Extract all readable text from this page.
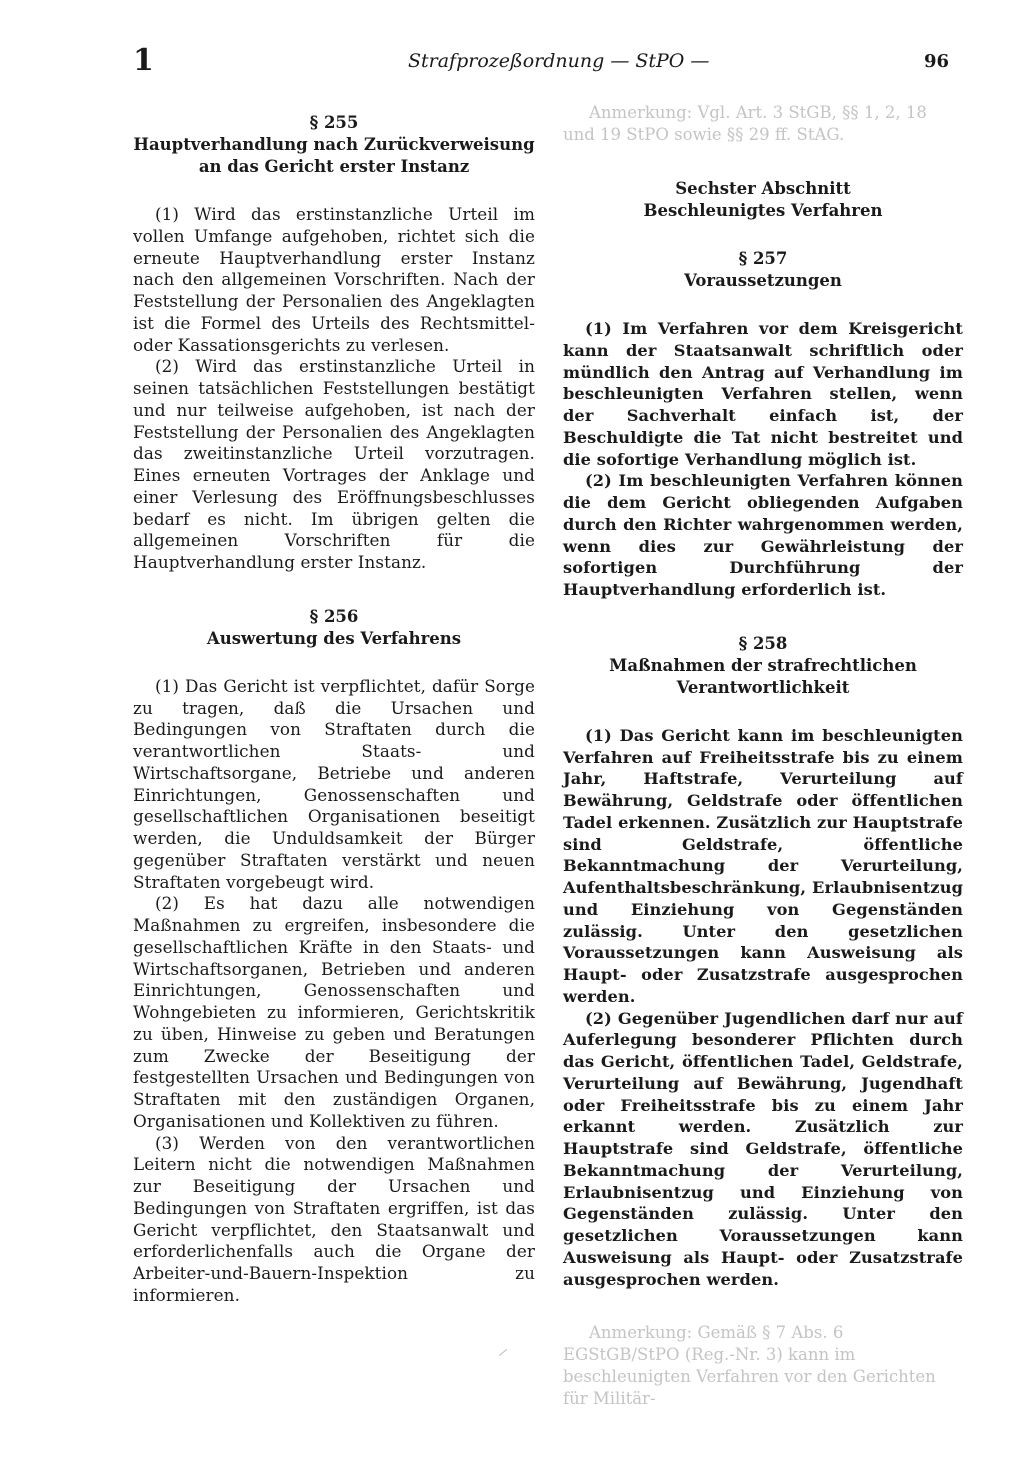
1	Strafprozeßordnung — StPO —	96

§ 255

Hauptverhandlung nach Zurückverweisung

an das Gericht erster Instanz

(1) Wird das erstinstanzliche Urteil im vollen Umfange aufgehoben, richtet sich die erneute Hauptverhandlung erster Instanz nach den allgemeinen Vorschriften. Nach der Feststellung der Personalien des Angeklagten ist die Formel des Urteils des Rechtsmittel- oder Kassationsgerichts zu verlesen.

(2) Wird das erstinstanzliche Urteil in seinen tatsächlichen Feststellungen bestätigt und nur teilweise aufgehoben, ist nach der Feststellung der Personalien des Angeklagten das zweitinstanzliche Urteil vorzutragen. Eines erneuten Vortrages der Anklage und einer Verlesung des Eröffnungsbeschlusses bedarf es nicht. Im übrigen gelten die allgemeinen Vorschriften für die Hauptverhandlung erster Instanz.

§ 256

Auswertung des Verfahrens

(1) Das Gericht ist verpflichtet, dafür Sorge zu tragen, daß die Ursachen und Bedingungen von Straftaten durch die verantwortlichen Staats- und Wirtschaftsorgane, Betriebe und anderen Einrichtungen, Genossenschaften und gesellschaftlichen Organisationen beseitigt werden, die Unduldsamkeit der Bürger gegenüber Straftaten verstärkt und neuen Straftaten vorgebeugt wird.

(2) Es hat dazu alle notwendigen Maßnahmen zu ergreifen, insbesondere die gesellschaftlichen Kräfte in den Staats- und Wirtschaftsorganen, Betrieben und anderen Einrichtungen, Genossenschaften und Wohngebieten zu informieren, Gerichtskritik zu üben, Hinweise zu geben und Beratungen zum Zwecke der Beseitigung der festgestellten Ursachen und Bedingungen von Straftaten mit den zuständigen Organen, Organisationen und Kollektiven zu führen.

(3) Werden von den verantwortlichen Leitern nicht die notwendigen Maßnahmen zur Beseitigung der Ursachen und Bedingungen von Straftaten ergriffen, ist das Gericht verpflichtet, den Staatsanwalt und erforderlichenfalls auch die Organe der Arbeiter-und-Bauern-Inspektion zu informieren.

Anmerkung: Vgl. Art. 3 StGB, §§ 1, 2, 18 und 19 StPO sowie §§ 29 ff. StAG.

Sechster Abschnitt

Beschleunigtes Verfahren

§ 257

Voraussetzungen

(1) Im Verfahren vor dem Kreisgericht kann der Staatsanwalt schriftlich oder mündlich den Antrag auf Verhandlung im beschleunigten Verfahren stellen, wenn der Sachverhalt einfach ist, der Beschuldigte die Tat nicht bestreitet und die sofortige Verhandlung möglich ist.

(2) Im beschleunigten Verfahren können die dem Gericht obliegenden Aufgaben durch den Richter wahrgenommen werden, wenn dies zur Gewährleistung der sofortigen Durchführung der Hauptverhandlung erforderlich ist.

§ 258

Maßnahmen der strafrechtlichen

Verantwortlichkeit

(1) Das Gericht kann im beschleunigten Verfahren auf Freiheitsstrafe bis zu einem Jahr, Haftstrafe, Verurteilung auf Bewährung, Geldstrafe oder öffentlichen Tadel erkennen. Zusätzlich zur Hauptstrafe sind Geldstrafe, öffentliche Bekanntmachung der Verurteilung, Aufenthaltsbeschränkung, Erlaubnisentzug und Einziehung von Gegenständen zulässig. Unter den gesetzlichen Voraussetzungen kann Ausweisung als Haupt- oder Zusatzstrafe ausgesprochen werden.

(2) Gegenüber Jugendlichen darf nur auf Auferlegung besonderer Pflichten durch das Gericht, öffentlichen Tadel, Geldstrafe, Verurteilung auf Bewährung, Jugendhaft oder Freiheitsstrafe bis zu einem Jahr erkannt werden. Zusätzlich zur Hauptstrafe sind Geldstrafe, öffentliche Bekanntmachung der Verurteilung, Erlaubnisentzug und Einziehung von Gegenständen zulässig. Unter den gesetzlichen Voraussetzungen kann Ausweisung als Haupt- oder Zusatzstrafe ausgesprochen werden.

Anmerkung: Gemäß § 7 Abs. 6 EGStGB/StPO (Reg.-Nr. 3) kann im beschleunigten Verfahren vor den Gerichten für Militär-
